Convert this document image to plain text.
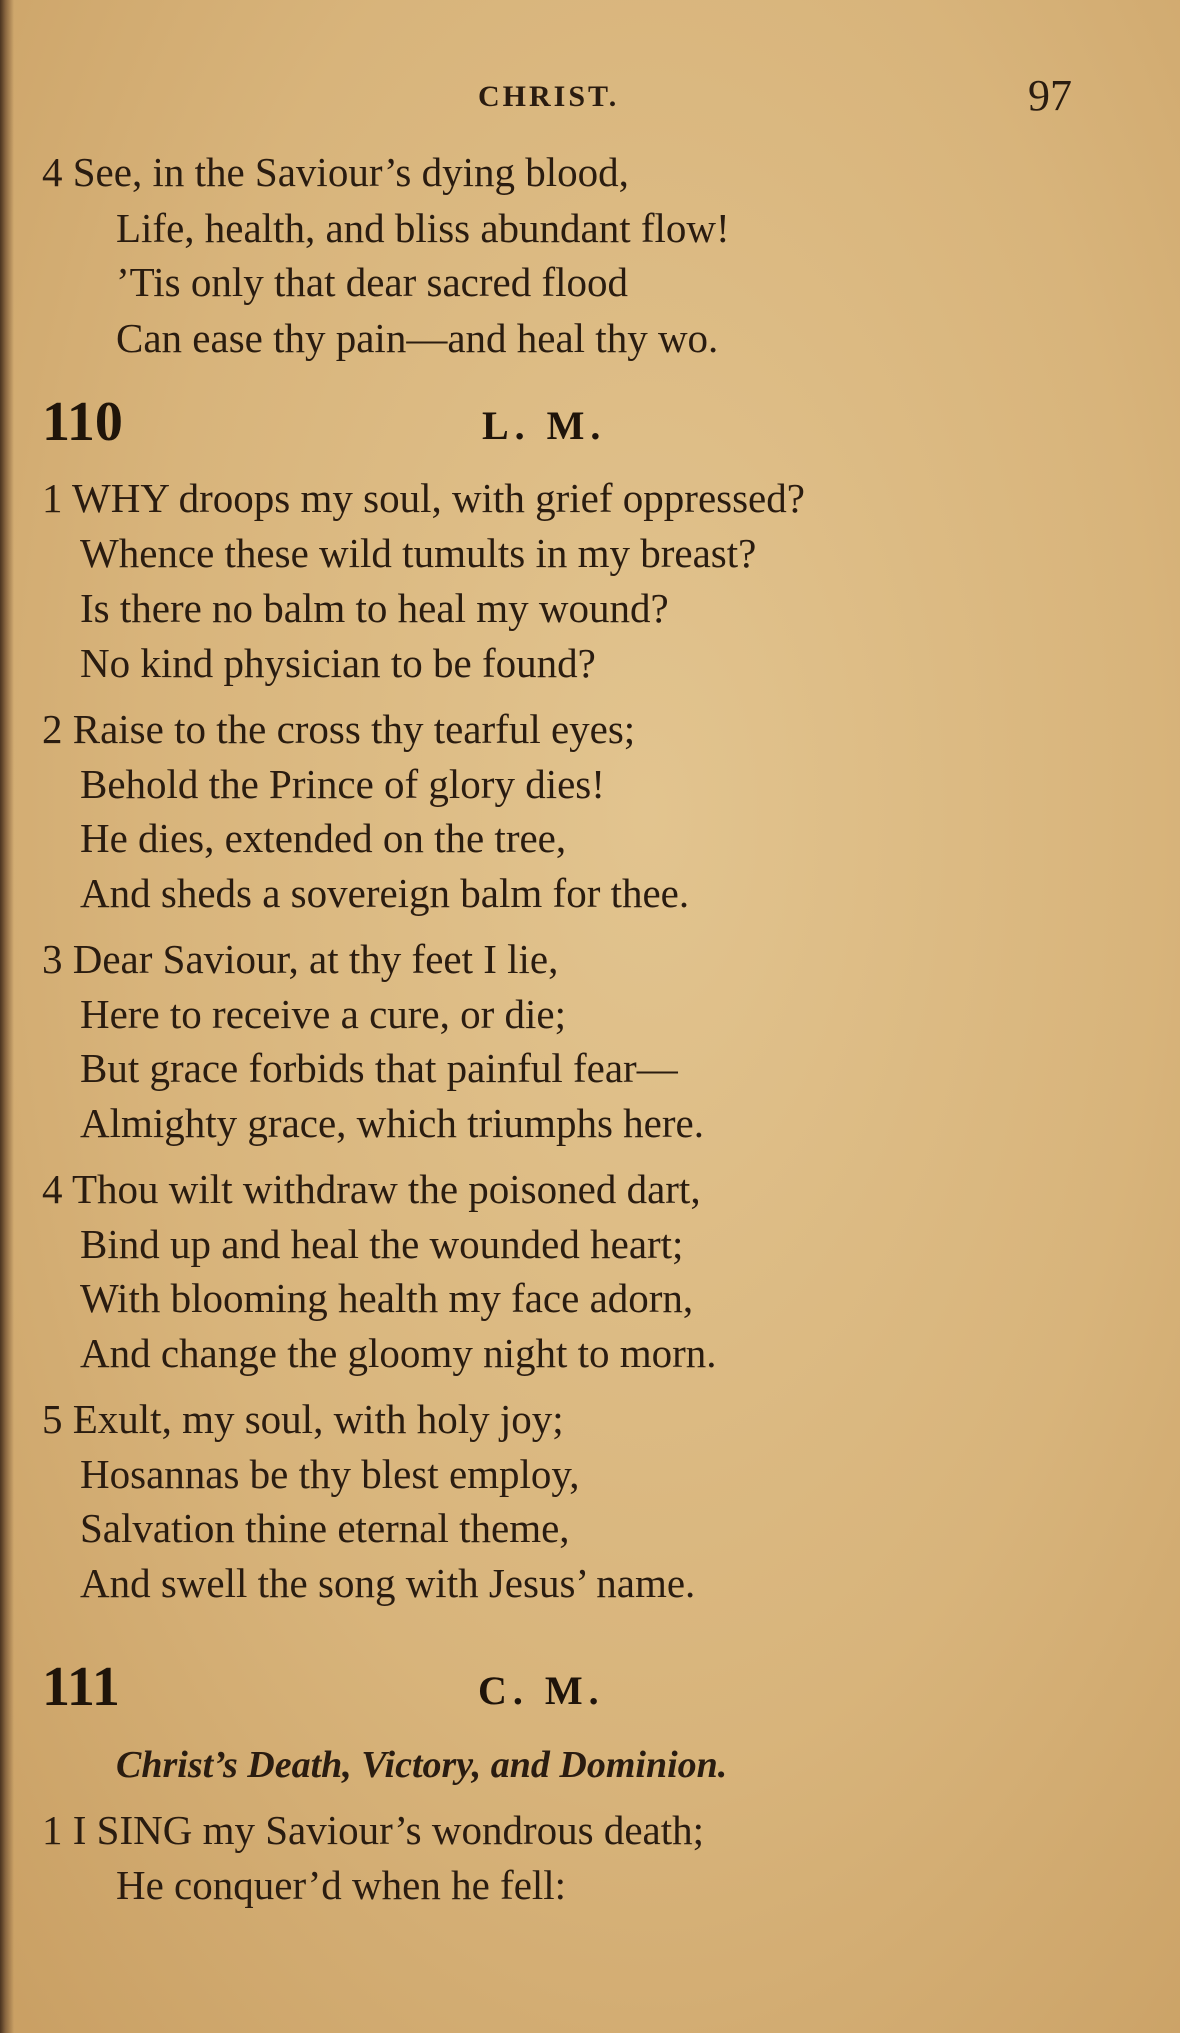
CHRIST.	97
4 See, in the Saviour’s dying blood,
Life, health, and bliss abundant flow!
’Tis only that dear sacred flood
Can ease thy pain—and heal thy wo.
110	L. M.
1 WHY droops my soul, with grief oppressed?
Whence these wild tumults in my breast?
Is there no balm to heal my wound?
No kind physician to be found?
2 Raise to the cross thy tearful eyes;
Behold the Prince of glory dies!
He dies, extended on the tree,
And sheds a sovereign balm for thee.
3 Dear Saviour, at thy feet I lie,
Here to receive a cure, or die;
But grace forbids that painful fear—
Almighty grace, which triumphs here.
4 Thou wilt withdraw the poisoned dart,
Bind up and heal the wounded heart;
With blooming health my face adorn,
And change the gloomy night to morn.
5 Exult, my soul, with holy joy;
Hosannas be thy blest employ,
Salvation thine eternal theme,
And swell the song with Jesus’ name.
111	C. M.
Christ’s Death, Victory, and Dominion.
1 I SING my Saviour’s wondrous death;
He conquer’d when he fell:
